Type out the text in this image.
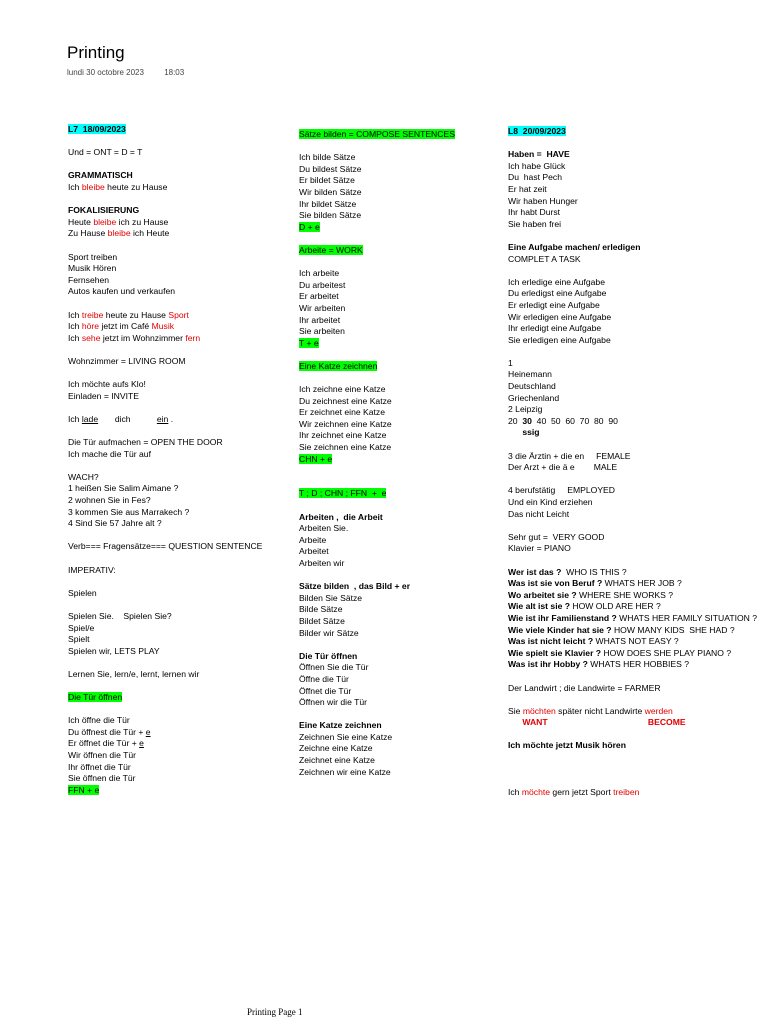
Printing
lundi 30 octobre 2023	18:03
L7  18/09/2023
Und = ONT = D = T
GRAMMATISCH
Ich bleibe heute zu Hause
FOKALISIERUNG
Heute bleibe ich zu Hause
Zu Hause bleibe ich Heute
Sport treiben
Musik Hören
Fernsehen
Autos kaufen und verkaufen
Ich treibe heute zu Hause Sport
Ich höre jetzt im Café Musik
Ich sehe jetzt im Wohnzimmer fern
Wohnzimmer = LIVING ROOM
Ich möchte aufs Klo!
Einladen = INVITE
Ich lade       dich           ein .
Die Tür aufmachen = OPEN THE DOOR
Ich mache die Tür auf
WACH?
1 heißen Sie Salim Aimane ?
2 wohnen Sie in Fes?
3 kommen Sie aus Marrakech ?
4 Sind Sie 57 Jahre alt ?
Verb=== Fragensätze=== QUESTION SENTENCE
IMPERATIV:
Spielen
Spielen Sie.    Spielen Sie?
Spiel/e
Spielt
Spielen wir, LETS PLAY
Lernen Sie, lern/e, lernt, lernen wir
Die Tür öffnen
Ich öffne die Tür
Du öffnest die Tür + e
Er öffnet die Tür + e
Wir öffnen die Tür
Ihr öffnet die Tür
Sie öffnen die Tür
FFN + e
Sätze bilden = COMPOSE SENTENCES
Ich bilde Sätze
Du bildest Sätze
Er bildet Sätze
Wir bilden Sätze
Ihr bildet Sätze
Sie bilden Sätze
D + e
Arbeite = WORK
Ich arbeite
Du arbeitest
Er arbeitet
Wir arbeiten
Ihr arbeitet
Sie arbeiten
T + e
Eine Katze zeichnen
Ich zeichne eine Katze
Du zeichnest eine Katze
Er zeichnet eine Katze
Wir zeichnen eine Katze
Ihr zeichnet eine Katze
Sie zeichnen eine Katze
CHN + e
T ; D ; CHN ; FFN  +  e
Arbeiten ,  die Arbeit
Arbeiten Sie.
Arbeite
Arbeitet
Arbeiten wir
Sätze bilden  , das Bild + er
Bilden Sie Sätze
Bilde Sätze
Bildet Sätze
Bilder wir Sätze
Die Tür öffnen
Öffnen Sie die Tür
Öffne die Tür
Öffnet die Tür
Öffnen wir die Tür
Eine Katze zeichnen
Zeichnen Sie eine Katze
Zeichne eine Katze
Zeichnet eine Katze
Zeichnen wir eine Katze
L8  20/09/2023
Haben =  HAVE
Ich habe Glück
Du  hast Pech
Er hat zeit
Wir haben Hunger
Ihr habt Durst
Sie haben frei
Eine Aufgabe machen/ erledigen
COMPLET A TASK
Ich erledige eine Aufgabe
Du erledigst eine Aufgabe
Er erledigt eine Aufgabe
Wir erledigen eine Aufgabe
Ihr erledigt eine Aufgabe
Sie erledigen eine Aufgabe
1
Heinemann
Deutschland
Griechenland
2 Leipzig
20  30  40  50  60  70  80  90
ssig
3 die Ärztin + die en     FEMALE
Der Arzt + die ä e        MALE
4 berufstätig     EMPLOYED
Und ein Kind erziehen
Das nicht Leicht
Sehr gut =  VERY GOOD
Klavier = PIANO
Wer ist das ?  WHO IS THIS ?
Was ist sie von Beruf ? WHATS HER JOB ?
Wo arbeitet sie ? WHERE SHE WORKS ?
Wie alt ist sie ? HOW OLD ARE HER ?
Wie ist ihr Familienstand ? WHATS HER FAMILY SITUATION ?
Wie viele Kinder hat sie ? HOW MANY KIDS  SHE HAD ?
Was ist nicht leicht ? WHATS NOT EASY ?
Wie spielt sie Klavier ? HOW DOES SHE PLAY PIANO ?
Was ist ihr Hobby ? WHATS HER HOBBIES ?
Der Landwirt ; die Landwirte = FARMER
Sie möchten später nicht Landwirte werden
WANT                                          BECOME
Ich möchte jetzt Musik hören
Ich möchte gern jetzt Sport treiben
Printing Page 1
